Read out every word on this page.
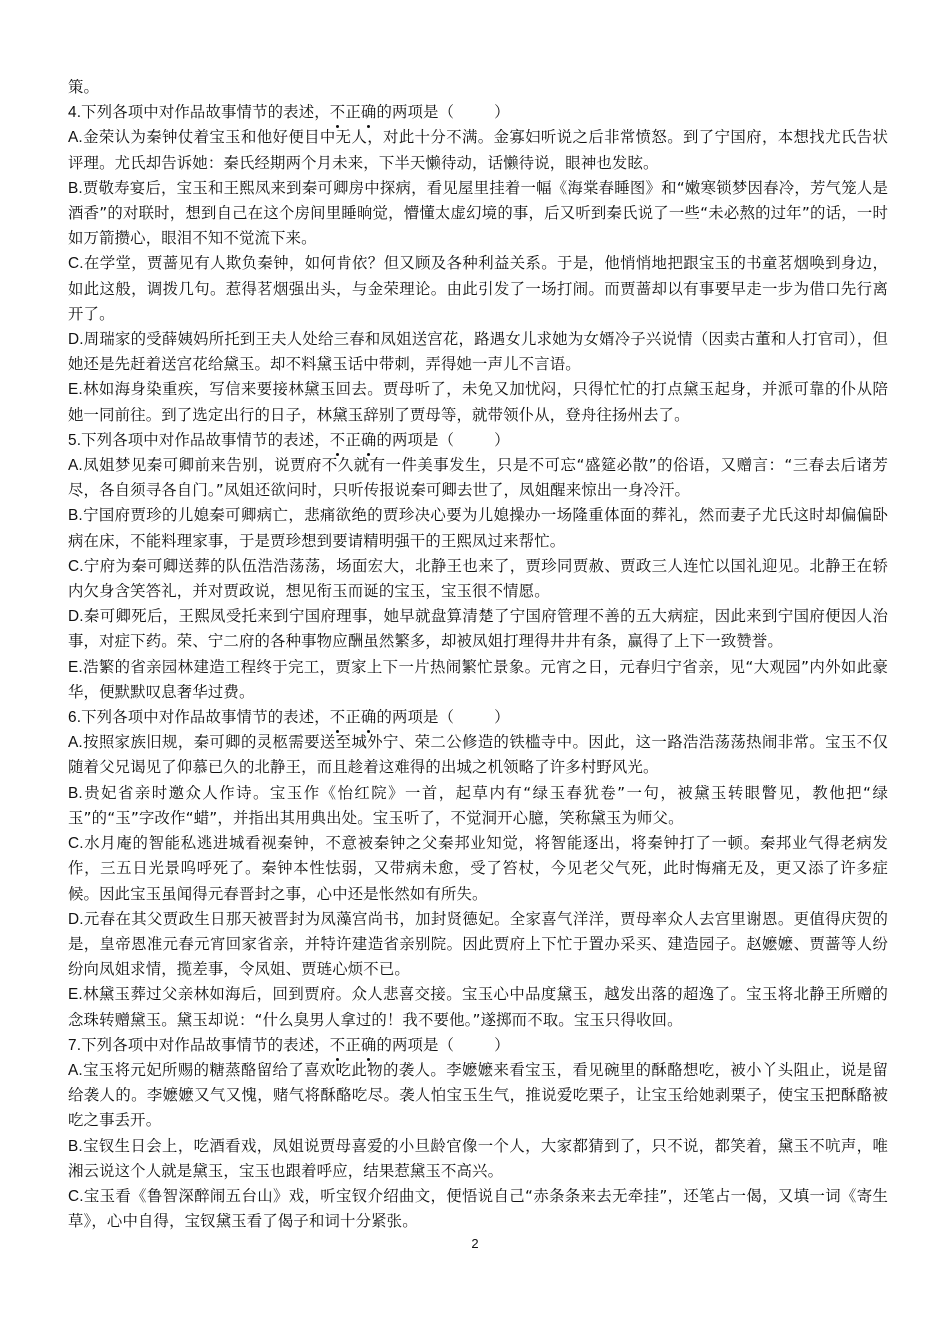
策。

4.下列各项中对作品故事情节的表述，不正确的两项是（	）

A.金荣认为秦钟仗着宝玉和他好便目中无人，对此十分不满。金寡妇听说之后非常愤怒。到了宁国府，本想找尤氏告状评理。尤氏却告诉她：秦氏经期两个月未来，下半天懒待动，话懒待说，眼神也发眩。

B.贾敬寿宴后，宝玉和王熙凤来到秦可卿房中探病，看见屋里挂着一幅《海棠春睡图》和“嫩寒锁梦因春冷，芳气笼人是酒香”的对联时，想到自己在这个房间里睡晌觉，懵懂太虚幻境的事，后又听到秦氏说了一些“未必熬的过年”的话，一时如万箭攒心，眼泪不知不觉流下来。

C.在学堂，贾蔷见有人欺负秦钟，如何肯依？但又顾及各种利益关系。于是，他悄悄地把跟宝玉的书童茗烟唤到身边，如此这般，调拨几句。惹得茗烟强出头，与金荣理论。由此引发了一场打闹。而贾蔷却以有事要早走一步为借口先行离开了。

D.周瑞家的受薛姨妈所托到王夫人处给三春和凤姐送宫花，路遇女儿求她为女婿冷子兴说情（因卖古董和人打官司），但她还是先赶着送宫花给黛玉。却不料黛玉话中带刺，弄得她一声儿不言语。

E.林如海身染重疾，写信来要接林黛玉回去。贾母听了，未免又加忧闷，只得忙忙的打点黛玉起身，并派可靠的仆从陪她一同前往。到了选定出行的日子，林黛玉辞别了贾母等，就带领仆从，登舟往扬州去了。

5.下列各项中对作品故事情节的表述，不正确的两项是（	）

A.凤姐梦见秦可卿前来告别，说贾府不久就有一件美事发生，只是不可忘“盛筵必散”的俗语，又赠言：“三春去后诸芳尽，各自须寻各自门。”凤姐还欲问时，只听传报说秦可卿去世了，凤姐醒来惊出一身冷汗。

B.宁国府贾珍的儿媳秦可卿病亡，悲痛欲绝的贾珍决心要为儿媳操办一场隆重体面的葬礼，然而妻子尤氏这时却偏偏卧病在床，不能料理家事，于是贾珍想到要请精明强干的王熙凤过来帮忙。

C.宁府为秦可卿送葬的队伍浩浩荡荡，场面宏大，北静王也来了，贾珍同贾赦、贾政三人连忙以国礼迎见。北静王在轿内欠身含笑答礼，并对贾政说，想见衔玉而诞的宝玉，宝玉很不情愿。

D.秦可卿死后，王熙凤受托来到宁国府理事，她早就盘算清楚了宁国府管理不善的五大病症，因此来到宁国府便因人治事，对症下药。荣、宁二府的各种事物应酬虽然繁多，却被凤姐打理得井井有条，赢得了上下一致赞誉。

E.浩繁的省亲园林建造工程终于完工，贾家上下一片热闹繁忙景象。元宵之日，元春归宁省亲，见“大观园”内外如此豪华，便默默叹息奢华过费。

6.下列各项中对作品故事情节的表述，不正确的两项是（	）

A.按照家族旧规，秦可卿的灵柩需要送至城外宁、荣二公修造的铁槛寺中。因此，这一路浩浩荡荡热闹非常。宝玉不仅随着父兄谒见了仰慕已久的北静王，而且趁着这难得的出城之机领略了许多村野风光。

B.贵妃省亲时邀众人作诗。宝玉作《怡红院》一首，起草内有“绿玉春犹卷”一句，被黛玉转眼瞥见，教他把“绿玉”的“玉”字改作“蜡”，并指出其用典出处。宝玉听了，不觉洞开心臆，笑称黛玉为师父。

C.水月庵的智能私逃进城看视秦钟，不意被秦钟之父秦邦业知觉，将智能逐出，将秦钟打了一顿。秦邦业气得老病发作，三五日光景呜呼死了。秦钟本性怯弱，又带病未愈，受了笞杖，今见老父气死，此时悔痛无及，更又添了许多症候。因此宝玉虽闻得元春晋封之事，心中还是怅然如有所失。

D.元春在其父贾政生日那天被晋封为凤藻宫尚书，加封贤德妃。全家喜气洋洋，贾母率众人去宫里谢恩。更值得庆贺的是，皇帝恩准元春元宵回家省亲，并特许建造省亲别院。因此贾府上下忙于置办采买、建造园子。赵嬷嬷、贾蔷等人纷纷向凤姐求情，揽差事，令凤姐、贾琏心烦不已。

E.林黛玉葬过父亲林如海后，回到贾府。众人悲喜交接。宝玉心中品度黛玉，越发出落的超逸了。宝玉将北静王所赠的念珠转赠黛玉。黛玉却说：“什么臭男人拿过的！我不要他。”遂掷而不取。宝玉只得收回。

7.下列各项中对作品故事情节的表述，不正确的两项是（	）

A.宝玉将元妃所赐的糖蒸酪留给了喜欢吃此物的袭人。李嬷嬷来看宝玉，看见碗里的酥酪想吃，被小丫头阻止，说是留给袭人的。李嬷嬷又气又愧，赌气将酥酪吃尽。袭人怕宝玉生气，推说爱吃栗子，让宝玉给她剥栗子，使宝玉把酥酪被吃之事丢开。

B.宝钗生日会上，吃酒看戏，凤姐说贾母喜爱的小旦龄官像一个人，大家都猜到了，只不说，都笑着，黛玉不吭声，唯湘云说这个人就是黛玉，宝玉也跟着呼应，结果惹黛玉不高兴。

C.宝玉看《鲁智深醉闹五台山》戏，听宝钗介绍曲文，便悟说自己“赤条条来去无牵挂”，还笔占一偈，又填一词《寄生草》，心中自得，宝钗黛玉看了偈子和词十分紧张。

2
